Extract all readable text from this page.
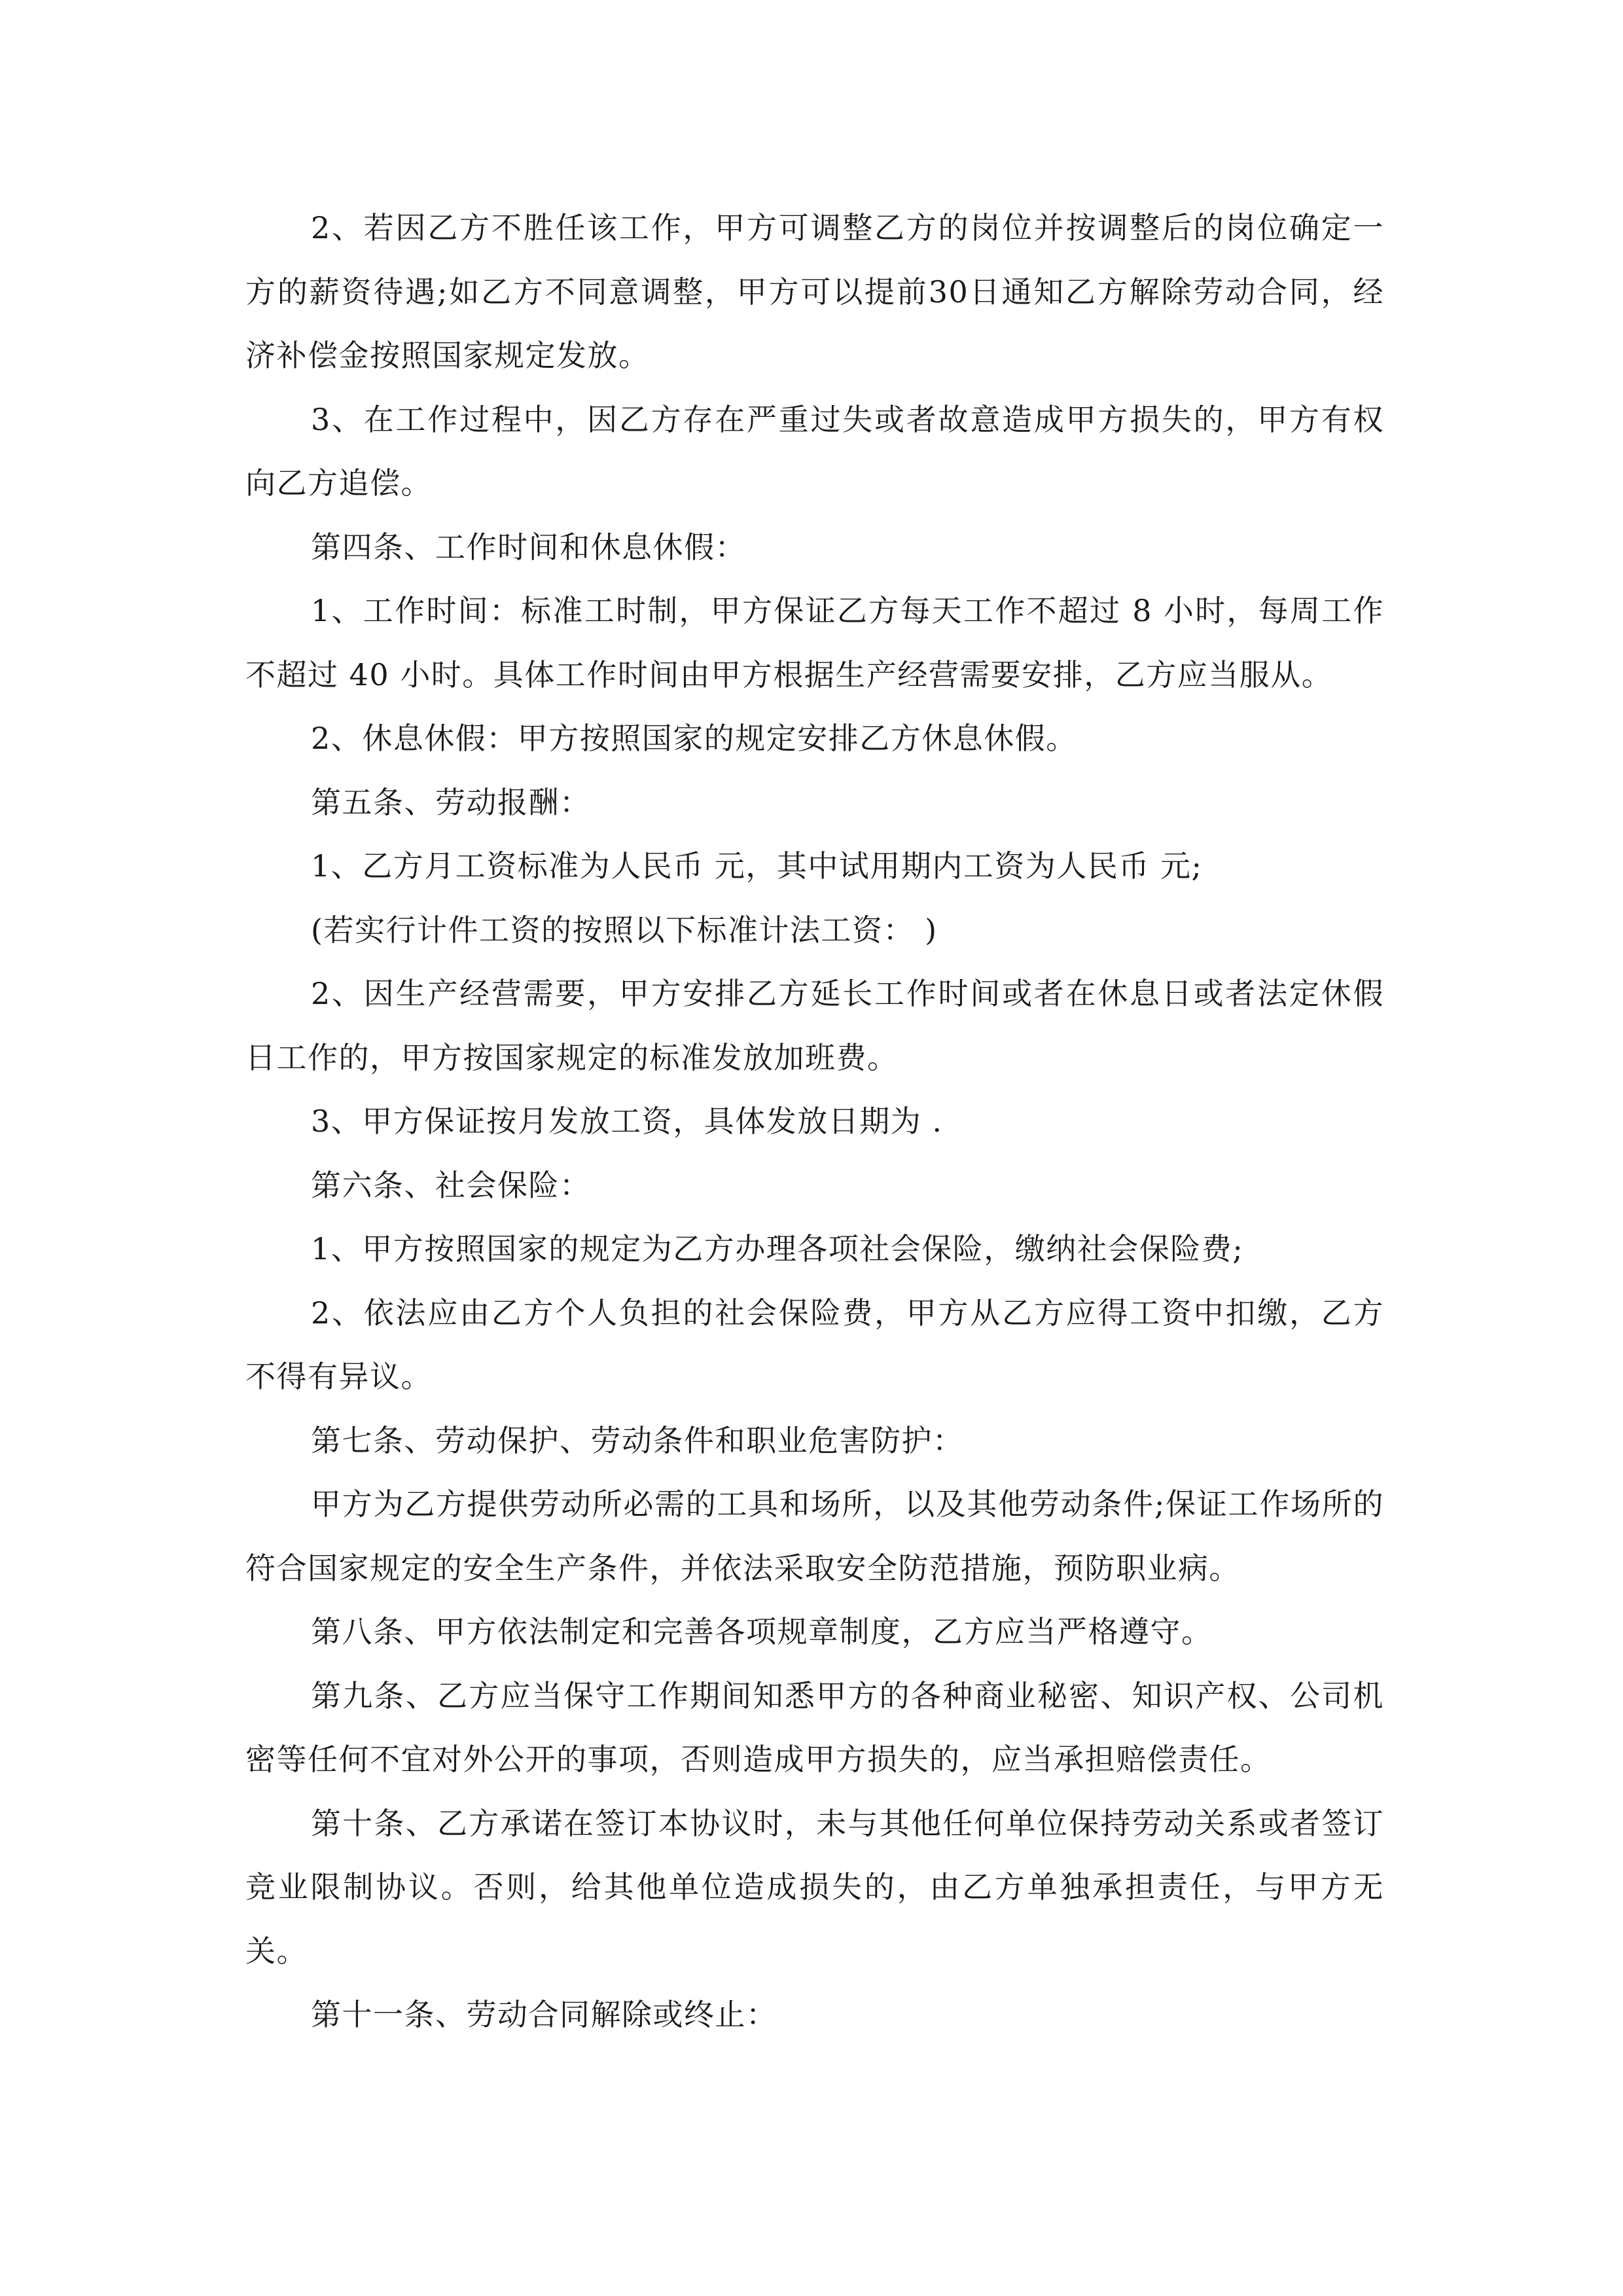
2、若因乙方不胜任该工作，甲方可调整乙方的岗位并按调整后的岗位确定一方的薪资待遇;如乙方不同意调整，甲方可以提前30日通知乙方解除劳动合同，经济补偿金按照国家规定发放。

3、在工作过程中，因乙方存在严重过失或者故意造成甲方损失的，甲方有权向乙方追偿。

第四条、工作时间和休息休假：

1、工作时间：标准工时制，甲方保证乙方每天工作不超过 8 小时，每周工作不超过 40 小时。具体工作时间由甲方根据生产经营需要安排，乙方应当服从。

2、休息休假：甲方按照国家的规定安排乙方休息休假。

第五条、劳动报酬：

1、乙方月工资标准为人民币 元，其中试用期内工资为人民币 元;

(若实行计件工资的按照以下标准计法工资： )

2、因生产经营需要，甲方安排乙方延长工作时间或者在休息日或者法定休假日工作的，甲方按国家规定的标准发放加班费。

3、甲方保证按月发放工资，具体发放日期为 .

第六条、社会保险：

1、甲方按照国家的规定为乙方办理各项社会保险，缴纳社会保险费;

2、依法应由乙方个人负担的社会保险费，甲方从乙方应得工资中扣缴，乙方不得有异议。

第七条、劳动保护、劳动条件和职业危害防护：

甲方为乙方提供劳动所必需的工具和场所，以及其他劳动条件;保证工作场所的符合国家规定的安全生产条件，并依法采取安全防范措施，预防职业病。

第八条、甲方依法制定和完善各项规章制度，乙方应当严格遵守。

第九条、乙方应当保守工作期间知悉甲方的各种商业秘密、知识产权、公司机密等任何不宜对外公开的事项，否则造成甲方损失的，应当承担赔偿责任。

第十条、乙方承诺在签订本协议时，未与其他任何单位保持劳动关系或者签订竞业限制协议。否则，给其他单位造成损失的，由乙方单独承担责任，与甲方无关。

第十一条、劳动合同解除或终止：
